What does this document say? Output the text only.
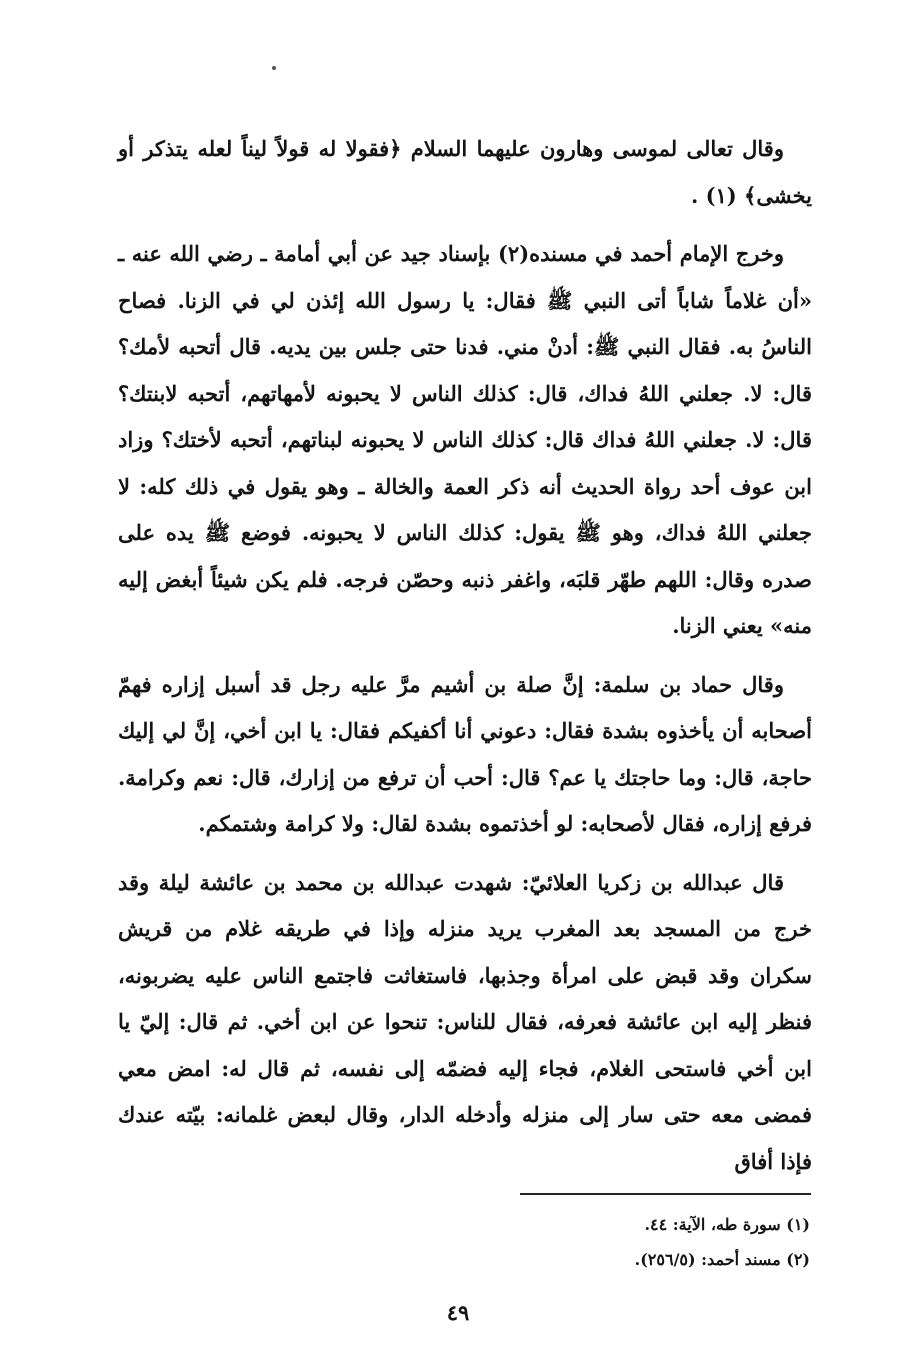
وقال تعالى لموسى وهارون عليهما السلام ﴿فقولا له قولاً ليناً لعله يتذكر أو يخشى﴾ (١) .

وخرج الإمام أحمد في مسنده(٢) بإسناد جيد عن أبي أمامة ـ رضي الله عنه ـ «أن غلاماً شاباً أتى النبي ﷺ فقال: يا رسول الله إئذن لي في الزنا. فصاح الناسُ به. فقال النبي ﷺ: أدنْ مني. فدنا حتى جلس بين يديه. قال أتحبه لأمك؟ قال: لا. جعلني اللهُ فداك، قال: كذلك الناس لا يحبونه لأمهاتهم، أتحبه لابنتك؟ قال: لا. جعلني اللهُ فداك قال: كذلك الناس لا يحبونه لبناتهم، أتحبه لأختك؟ وزاد ابن عوف أحد رواة الحديث أنه ذكر العمة والخالة ـ وهو يقول في ذلك كله: لا جعلني اللهُ فداك، وهو ﷺ يقول: كذلك الناس لا يحبونه. فوضع ﷺ يده على صدره وقال: اللهم طهّر قلبَه، واغفر ذنبه وحصّن فرجه. فلم يكن شيئاً أبغض إليه منه» يعني الزنا.

وقال حماد بن سلمة: إنَّ صلة بن أشيم مرَّ عليه رجل قد أسبل إزاره فهمّ أصحابه أن يأخذوه بشدة فقال: دعوني أنا أكفيكم فقال: يا ابن أخي، إنَّ لي إليك حاجة، قال: وما حاجتك يا عم؟ قال: أحب أن ترفع من إزارك، قال: نعم وكرامة. فرفع إزاره، فقال لأصحابه: لو أخذتموه بشدة لقال: ولا كرامة وشتمكم.

قال عبدالله بن زكريا العلائيّ: شهدت عبدالله بن محمد بن عائشة ليلة وقد خرج من المسجد بعد المغرب يريد منزله وإذا في طريقه غلام من قريش سكران وقد قبض على امرأة وجذبها، فاستغاثت فاجتمع الناس عليه يضربونه، فنظر إليه ابن عائشة فعرفه، فقال للناس: تنحوا عن ابن أخي. ثم قال: إليّ يا ابن أخي فاستحى الغلام، فجاء إليه فضمّه إلى نفسه، ثم قال له: امض معي فمضى معه حتى سار إلى منزله وأدخله الدار، وقال لبعض غلمانه: بيّته عندك فإذا أفاق

(١) سورة طه، الآية: ٤٤.

(٢) مسند أحمد: (٢٥٦/٥).

٤٩
